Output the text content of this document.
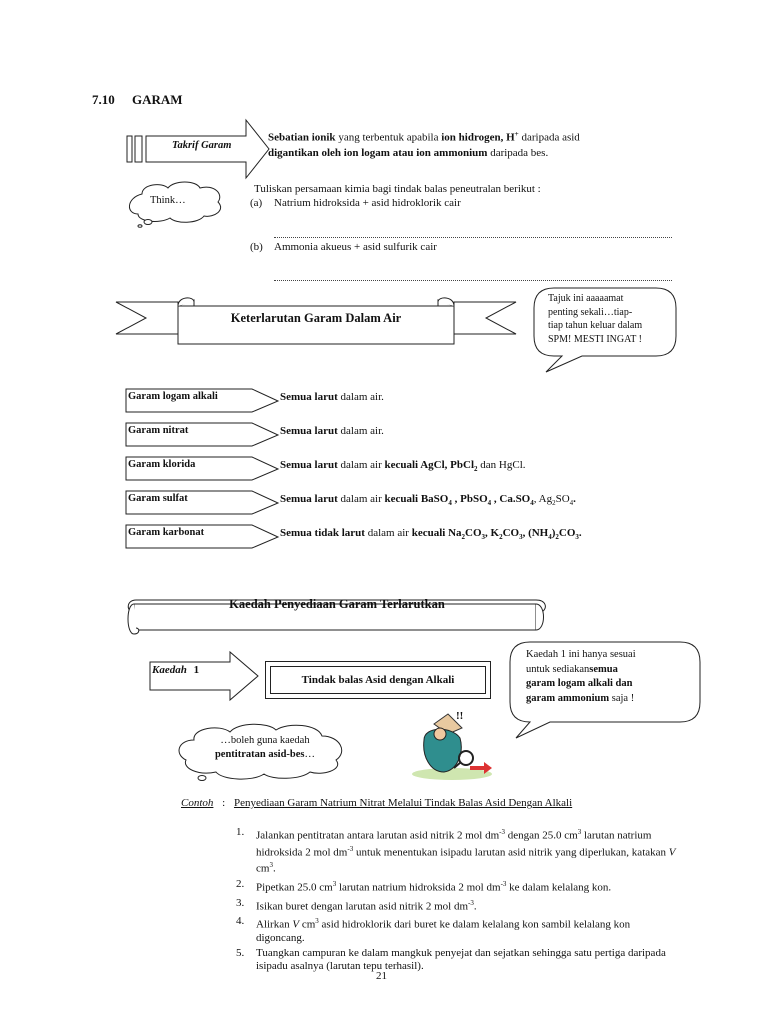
7.10 GARAM
Takrif Garam
Sebatian ionik yang terbentuk apabila ion hidrogen, H+ daripada asid
digantikan oleh ion logam atau ion ammonium daripada bes.
Think…
Tuliskan persamaan kimia bagi tindak balas peneutralan berikut :
(a) Natrium hidroksida + asid hidroklorik cair
(b) Ammonia akueus + asid sulfurik cair
Keterlarutan Garam Dalam Air
Tajuk ini aaaaamat
penting sekali…tiap-
tiap tahun keluar dalam
SPM! MESTI INGAT !
Garam logam alkali
Garam nitrat
Garam klorida
Garam sulfat
Garam karbonat
Semua larut dalam air.
Semua larut dalam air.
Semua larut dalam air kecuali AgCl, PbCl$_2$ dan HgCl.
Semua larut dalam air kecuali BaSO$_4$ , PbSO$_4$ , $Ca.SO_4$, $Ag_2SO_4$.
Semua tidak larut dalam air kecuali $Na_2CO_3$, $K_2CO_3$, $(NH_4)_2CO_3$.
Kaedah Penyediaan Garam Terlarutkan
Kaedah 1
Tindak balas Asid dengan Alkali
Kaedah 1 ini hanya sesuai
untuk sediakansemua
garam logam alkali dan
garam ammonium saja !
…boleh guna kaedah
pentitratan asid-bes…
!!
Contoh : Penyediaan Garam Natrium Nitrat Melalui Tindak Balas Asid Dengan Alkali
1. Jalankan pentitratan antara larutan asid nitrik 2 mol $dm^{-3}$ dengan 25.0 $cm^3$ larutan natrium hidroksida 2 mol $dm^{-3}$ untuk menentukan isipadu larutan asid nitrik yang diperlukan, katakan V $cm^3$.
2. Pipetkan 25.0 $cm^3$ larutan natrium hidroksida 2 mol $dm^{-3}$ ke dalam kelalang kon.
3. Isikan buret dengan larutan asid nitrik 2 mol $dm^{-3}$.
4. Alirkan V $cm^3$ asid hidroklorik dari buret ke dalam kelalang kon sambil kelalang kon digoncang.
5. Tuangkan campuran ke dalam mangkuk penyejat dan sejatkan sehingga satu pertiga daripada isipadu asalnya (larutan tepu terhasil).
21
